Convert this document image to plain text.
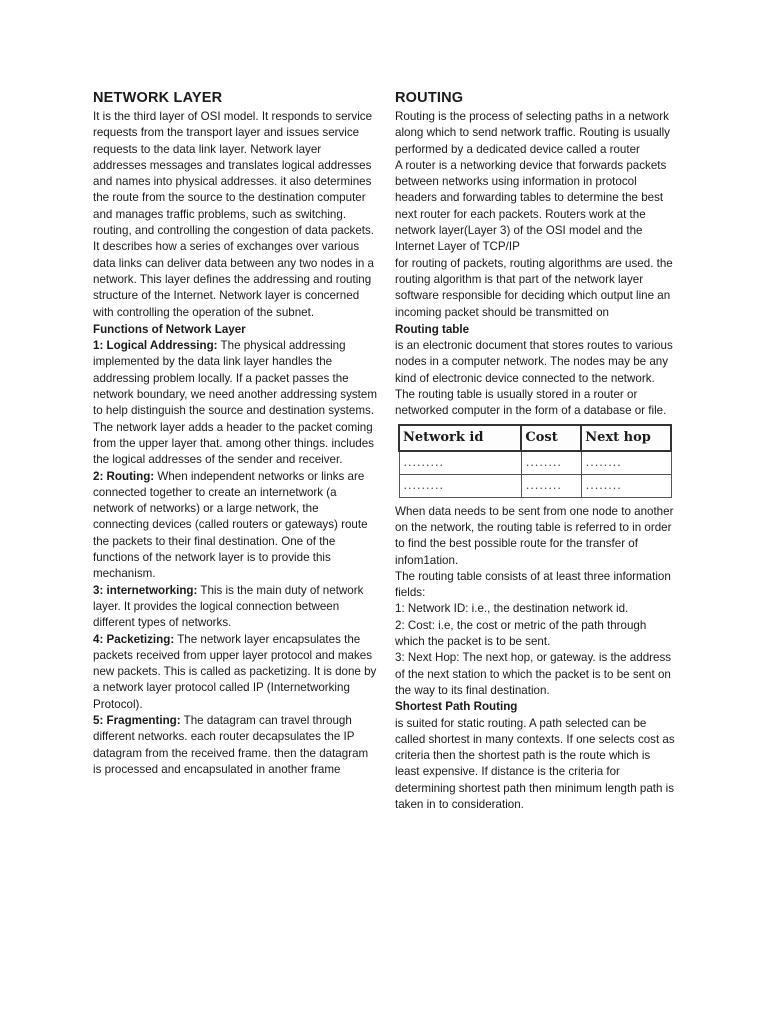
NETWORK LAYER

It is the third layer of OSI model. It responds to service requests from the transport layer and issues service requests to the data link layer. Network layer addresses messages and translates logical addresses and names into physical addresses. it also determines the route from the source to the destination computer and manages traffic problems, such as switching. routing, and controlling the congestion of data packets.

It describes how a series of exchanges over various data links can deliver data between any two nodes in a network. This layer defines the addressing and routing structure of the Internet. Network layer is concerned with controlling the operation of the subnet.

Functions of Network Layer

1: Logical Addressing: The physical addressing implemented by the data link layer handles the addressing problem locally. If a packet passes the network boundary, we need another addressing system to help distinguish the source and destination systems. The network layer adds a header to the packet coming from the upper layer that. among other things. includes the logical addresses of the sender and receiver.

2: Routing: When independent networks or links are connected together to create an internetwork (a network of networks) or a large network, the connecting devices (called routers or gateways) route the packets to their final destination. One of the functions of the network layer is to provide this mechanism.

3: internetworking: This is the main duty of network layer. It provides the logical connection between different types of networks.

4: Packetizing: The network layer encapsulates the packets received from upper layer protocol and makes new packets. This is called as packetizing. It is done by a network layer protocol called IP (Internetworking Protocol).

5: Fragmenting: The datagram can travel through different networks. each router decapsulates the IP datagram from the received frame. then the datagram is processed and encapsulated in another frame

ROUTING

Routing is the process of selecting paths in a network along which to send network traffic. Routing is usually performed by a dedicated device called a router

A router is a networking device that forwards packets between networks using information in protocol headers and forwarding tables to determine the best next router for each packets. Routers work at the network layer(Layer 3) of the OSI model and the Internet Layer of TCP/IP

for routing of packets, routing algorithms are used. the routing algorithm is that part of the network layer software responsible for deciding which output line an incoming packet should be transmitted on

Routing table

is an electronic document that stores routes to various nodes in a computer network. The nodes may be any kind of electronic device connected to the network. The routing table is usually stored in a router or networked computer in the form of a database or file.

Network id	Cost	Next hop
.........	........	........
.........	........	........

When data needs to be sent from one node to another on the network, the routing table is referred to in order to find the best possible route for the transfer of infom1ation.

The routing table consists of at least three information fields:

1: Network ID: i.e., the destination network id.

2: Cost: i.e, the cost or metric of the path through which the packet is to be sent.

3: Next Hop: The next hop, or gateway. is the address of the next station to which the packet is to be sent on the way to its final destination.

Shortest Path Routing

is suited for static routing. A path selected can be called shortest in many contexts. If one selects cost as criteria then the shortest path is the route which is least expensive. If distance is the criteria for determining shortest path then minimum length path is taken in to consideration.
